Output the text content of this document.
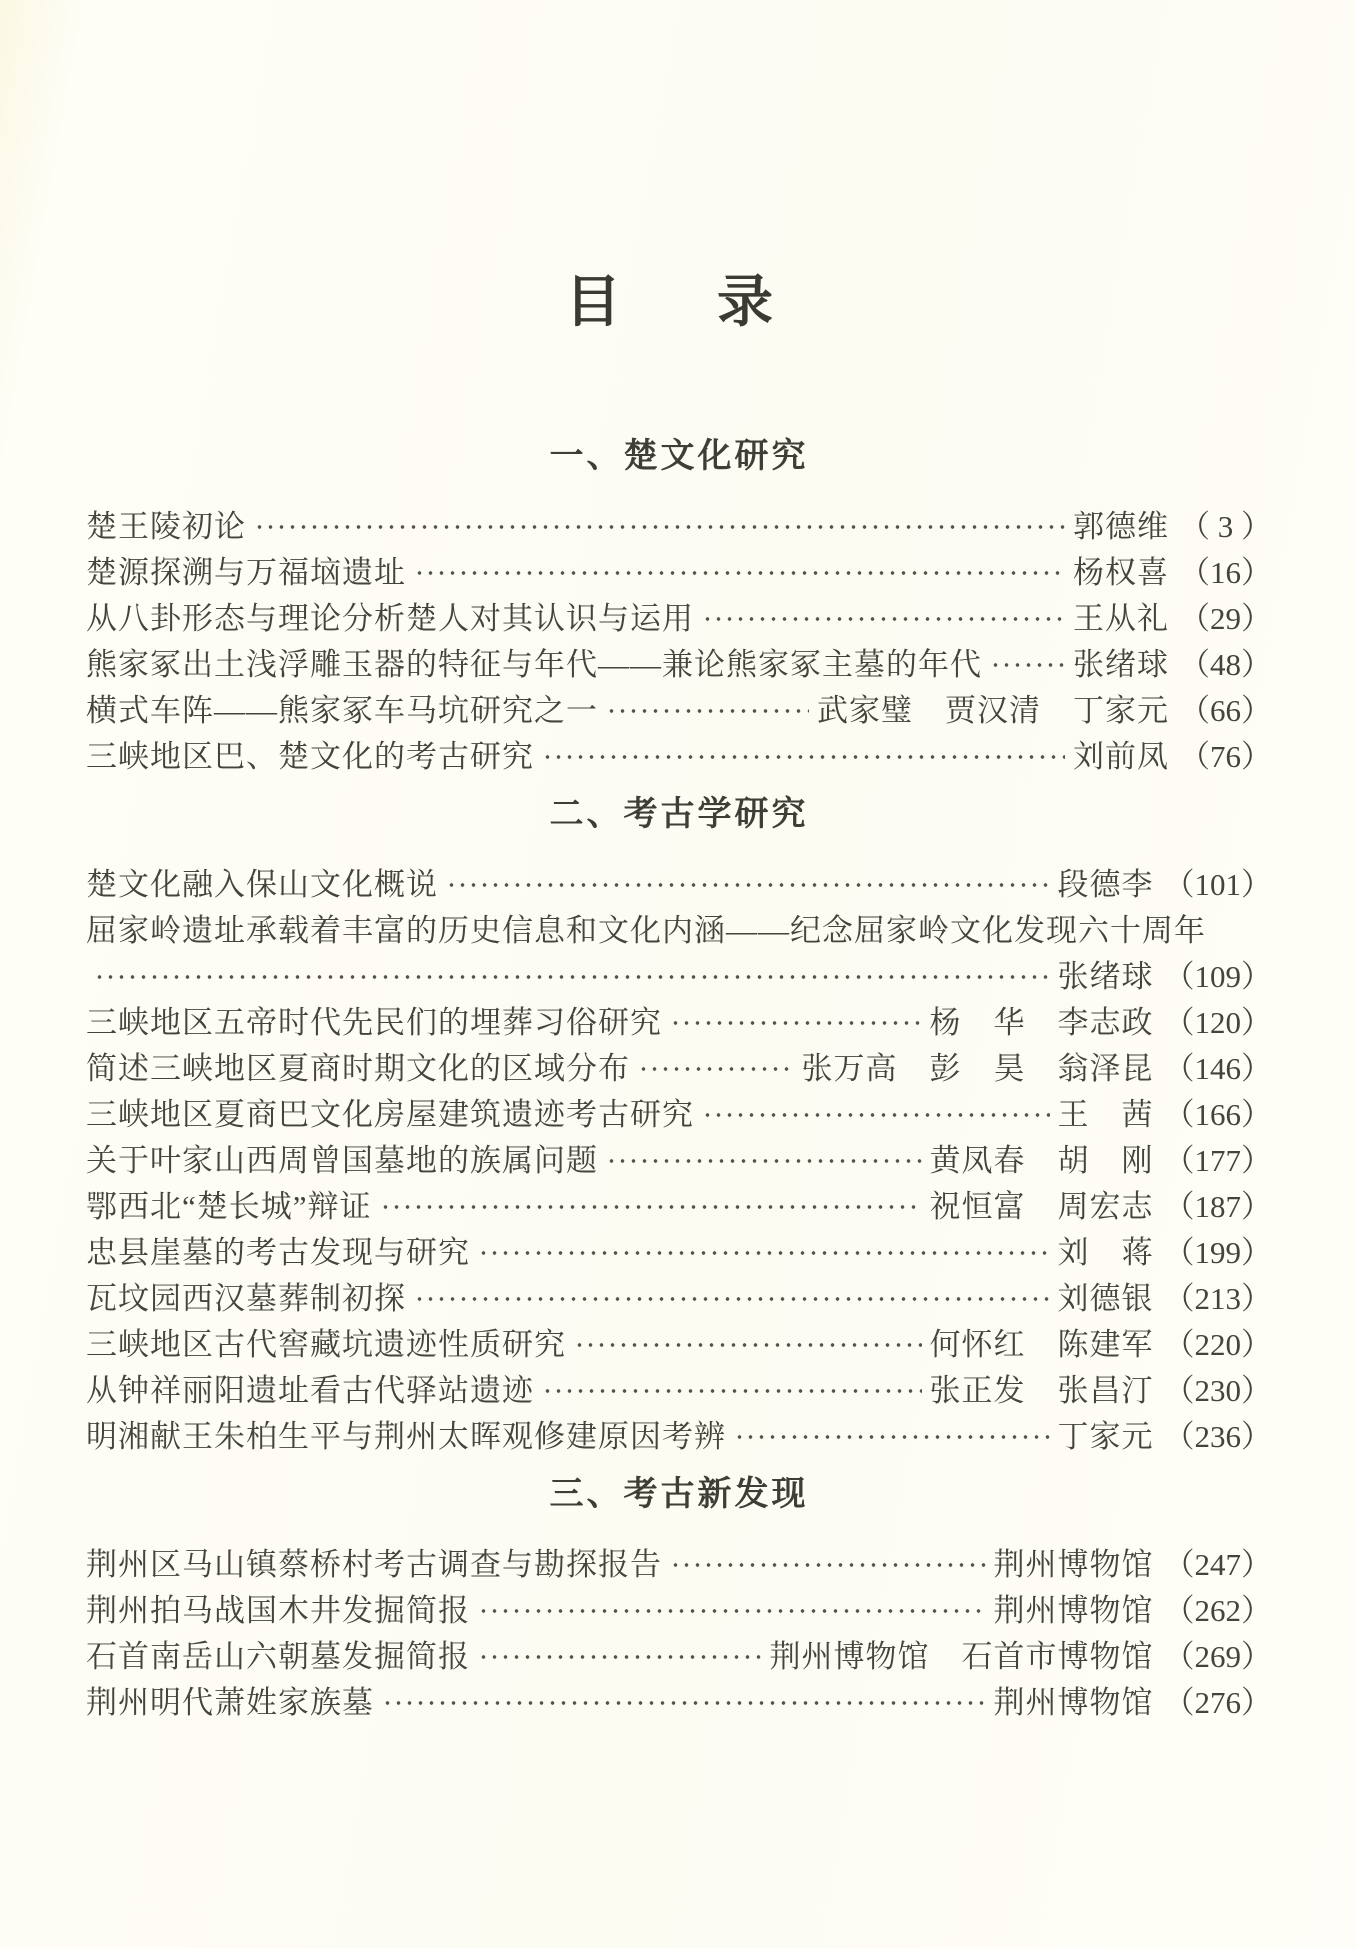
目　录
一、楚文化研究
楚王陵初论	郭德维 （ 3 ）
楚源探溯与万福垴遗址	杨权喜 （16）
从八卦形态与理论分析楚人对其认识与运用	王从礼 （29）
熊家冢出土浅浮雕玉器的特征与年代——兼论熊家冢主墓的年代	张绪球 （48）
横式车阵——熊家冢车马坑研究之一	武家璧　贾汉清　丁家元 （66）
三峡地区巴、楚文化的考古研究	刘前凤 （76）
二、考古学研究
楚文化融入保山文化概说	段德李 （101）
屈家岭遗址承载着丰富的历史信息和文化内涵——纪念屈家岭文化发现六十周年
张绪球 （109）
三峡地区五帝时代先民们的埋葬习俗研究	杨　华　李志政 （120）
简述三峡地区夏商时期文化的区域分布	张万高　彭　昊　翁泽昆 （146）
三峡地区夏商巴文化房屋建筑遗迹考古研究	王　茜 （166）
关于叶家山西周曾国墓地的族属问题	黄凤春　胡　刚 （177）
鄂西北“楚长城”辩证	祝恒富　周宏志 （187）
忠县崖墓的考古发现与研究	刘　蒋 （199）
瓦坟园西汉墓葬制初探	刘德银 （213）
三峡地区古代窖藏坑遗迹性质研究	何怀红　陈建军 （220）
从钟祥丽阳遗址看古代驿站遗迹	张正发　张昌汀 （230）
明湘献王朱柏生平与荆州太晖观修建原因考辨	丁家元 （236）
三、考古新发现
荆州区马山镇蔡桥村考古调查与勘探报告	荆州博物馆 （247）
荆州拍马战国木井发掘简报	荆州博物馆 （262）
石首南岳山六朝墓发掘简报	荆州博物馆　石首市博物馆 （269）
荆州明代萧姓家族墓	荆州博物馆 （276）
